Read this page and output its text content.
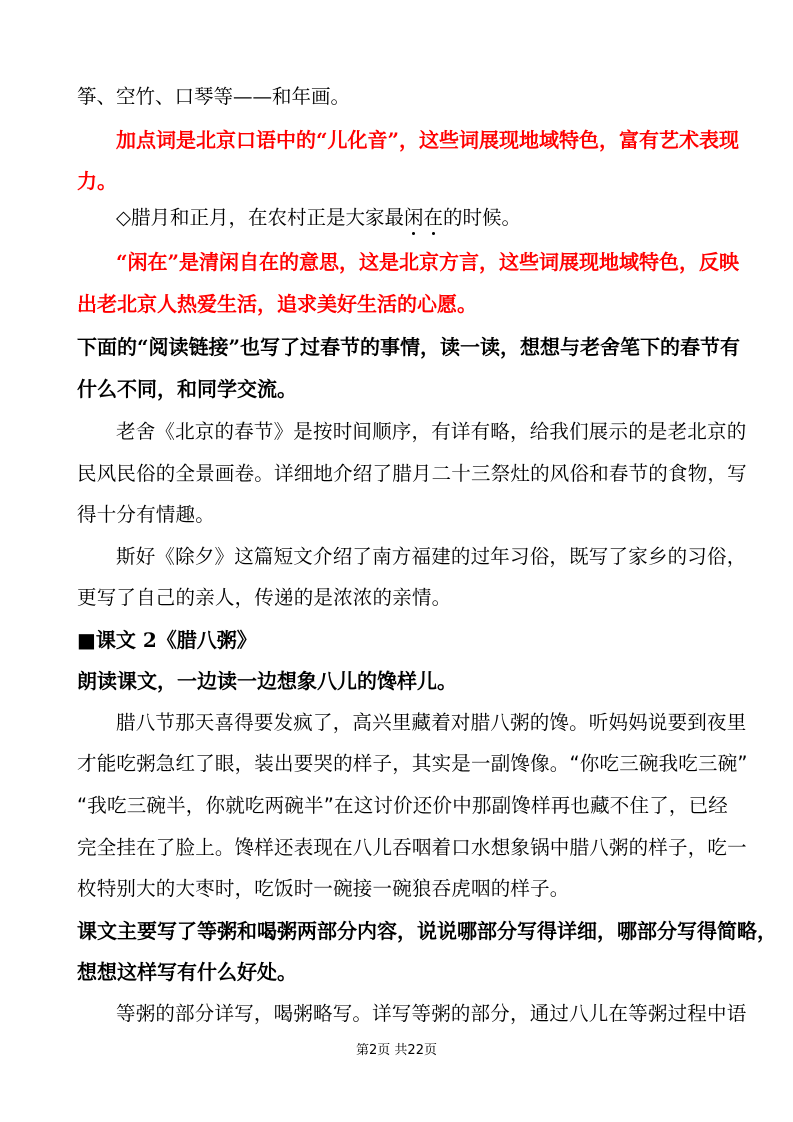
筝、空竹、口琴等——和年画。
加点词是北京口语中的“儿化音”，这些词展现地域特色，富有艺术表现
力。
◇腊月和正月，在农村正是大家最闲在的时候。
“闲在”是清闲自在的意思，这是北京方言，这些词展现地域特色，反映
出老北京人热爱生活，追求美好生活的心愿。
下面的“阅读链接”也写了过春节的事情，读一读，想想与老舍笔下的春节有
什么不同，和同学交流。
老舍《北京的春节》是按时间顺序，有详有略，给我们展示的是老北京的
民风民俗的全景画卷。详细地介绍了腊月二十三祭灶的风俗和春节的食物，写
得十分有情趣。
斯好《除夕》这篇短文介绍了南方福建的过年习俗，既写了家乡的习俗，
更写了自己的亲人，传递的是浓浓的亲情。
■课文 2《腊八粥》
朗读课文，一边读一边想象八儿的馋样儿。
腊八节那天喜得要发疯了，高兴里藏着对腊八粥的馋。听妈妈说要到夜里
才能吃粥急红了眼，装出要哭的样子，其实是一副馋像。“你吃三碗我吃三碗”
“我吃三碗半，你就吃两碗半”在这讨价还价中那副馋样再也藏不住了，已经
完全挂在了脸上。馋样还表现在八儿吞咽着口水想象锅中腊八粥的样子，吃一
枚特别大的大枣时，吃饭时一碗接一碗狼吞虎咽的样子。
课文主要写了等粥和喝粥两部分内容，说说哪部分写得详细，哪部分写得简略，
想想这样写有什么好处。
等粥的部分详写，喝粥略写。详写等粥的部分，通过八儿在等粥过程中语
第2页 共22页
